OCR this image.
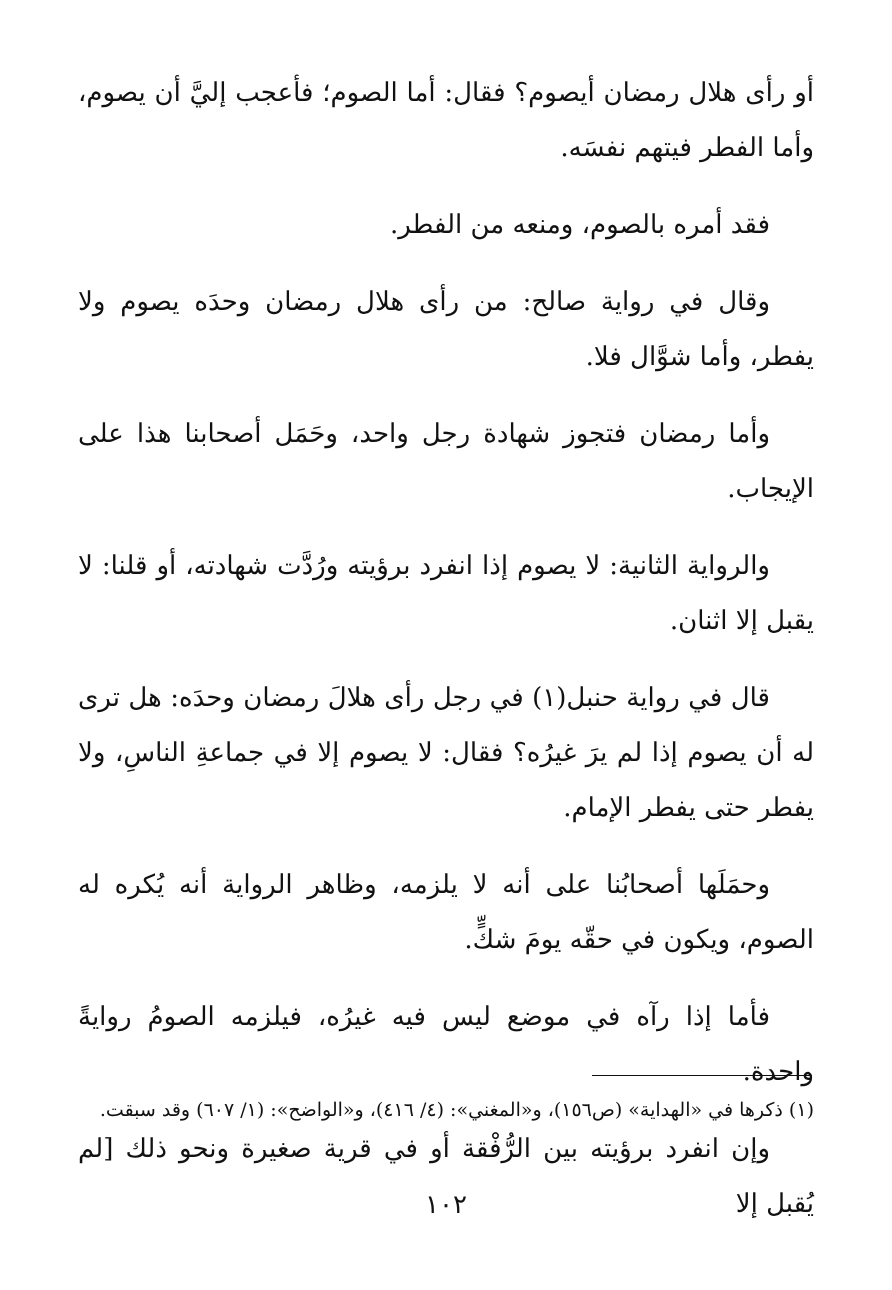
أو رأى هلال رمضان أيصوم؟ فقال: أما الصوم؛ فأعجب إليَّ أن يصوم، وأما الفطر فيتهم نفسَه.

فقد أمره بالصوم، ومنعه من الفطر.

وقال في رواية صالح: من رأى هلال رمضان وحدَه يصوم ولا يفطر، وأما شوَّال فلا.

وأما رمضان فتجوز شهادة رجل واحد، وحَمَل أصحابنا هذا على الإيجاب.

والرواية الثانية: لا يصوم إذا انفرد برؤيته ورُدَّت شهادته، أو قلنا: لا يقبل إلا اثنان.

قال في رواية حنبل(١) في رجل رأى هلالَ رمضان وحدَه: هل ترى له أن يصوم إذا لم يرَ غيرُه؟ فقال: لا يصوم إلا في جماعةِ الناسِ، ولا يفطر حتى يفطر الإمام.

وحمَلَها أصحابُنا على أنه لا يلزمه، وظاهر الرواية أنه يُكره له الصوم، ويكون في حقّه يومَ شكٍّ.

فأما إذا رآه في موضع ليس فيه غيرُه، فيلزمه الصومُ روايةً واحدة.

وإن انفرد برؤيته بين الرُّفْقة أو في قرية صغيرة ونحو ذلك [لم يُقبل إلا

(١) ذكرها في «الهداية» (ص١٥٦)، و«المغني»: (٤/ ٤١٦)، و«الواضح»: (١/ ٦٠٧) وقد سبقت.

١٠٢
